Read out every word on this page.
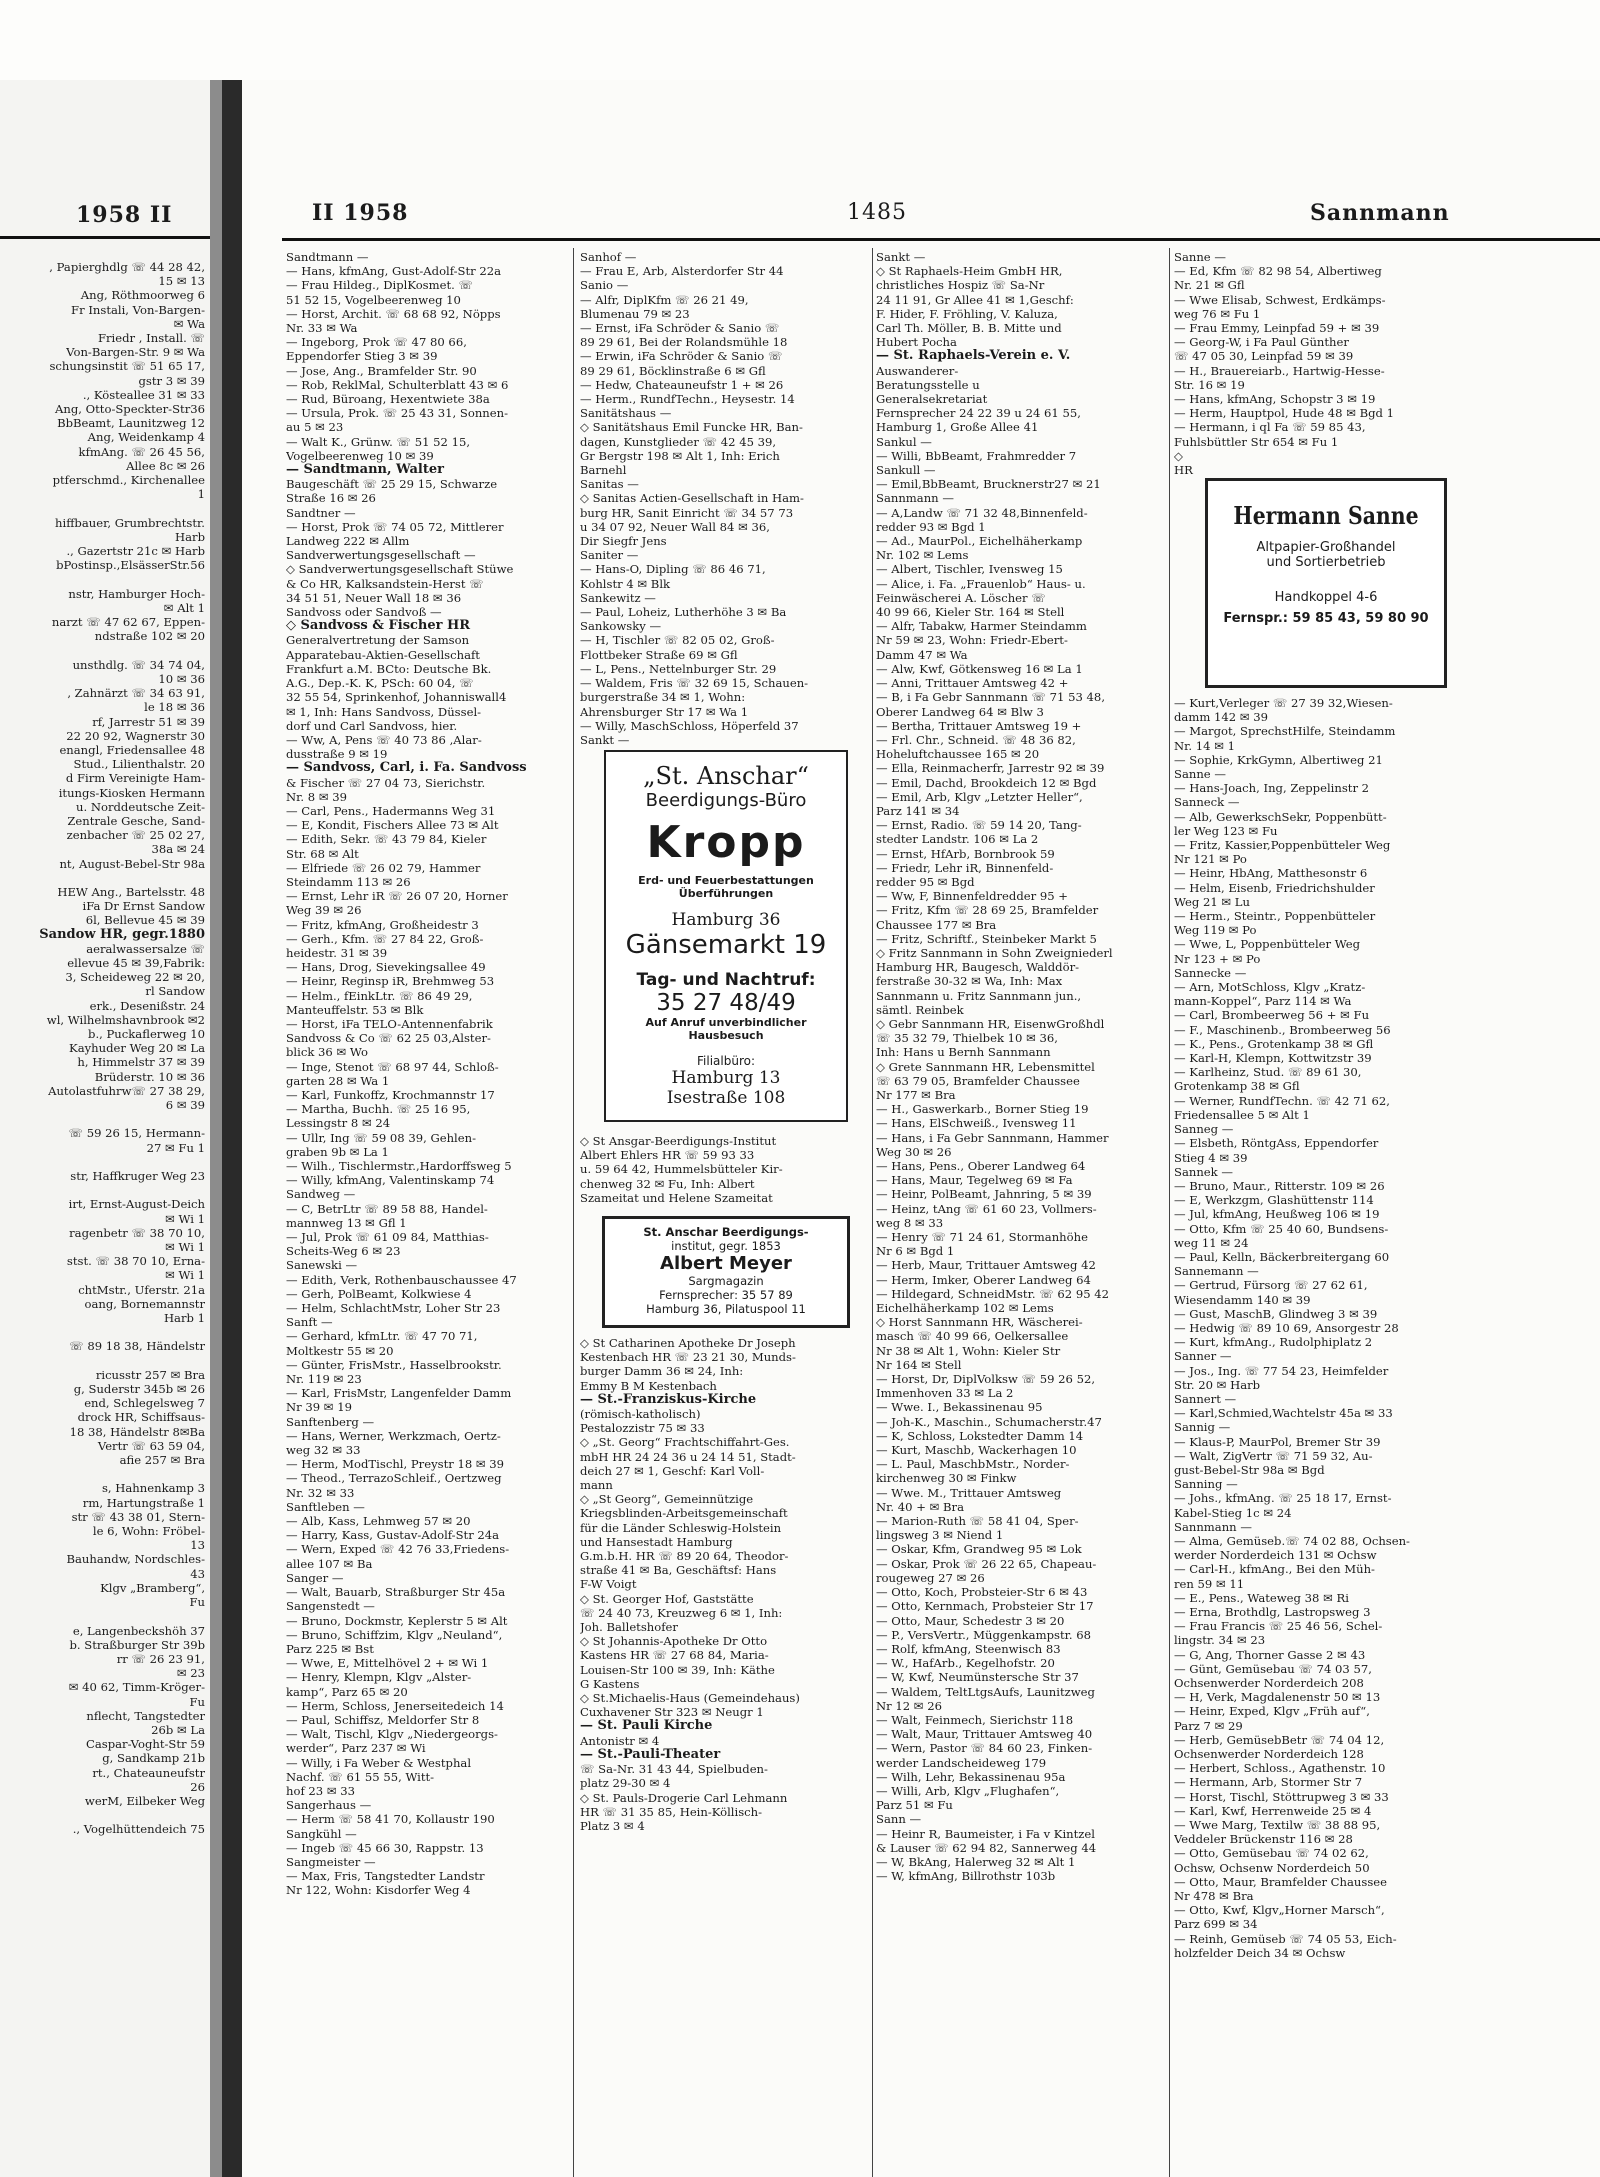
1958 II
, Papierghdlg ☏ 44 28 42,
15 ✉ 13
Ang, Röthmoorweg 6
Fr Instali, Von-Bargen-
✉ Wa
Friedr , Install. ☏
Von-Bargen-Str. 9 ✉ Wa
schungsinstit ☏ 51 65 17,
gstr 3 ✉ 39
., Kösteallee 31 ✉ 33
Ang, Otto-Speckter-Str36
BbBeamt, Launitzweg 12
Ang, Weidenkamp 4
kfmAng. ☏ 26 45 56,
Allee 8c ✉ 26
ptferschmd., Kirchenallee
1

hiffbauer, Grumbrechtstr.
Harb
., Gazertstr 21c ✉ Harb
bPostinsp.,ElsässerStr.56

nstr, Hamburger Hoch-
✉ Alt 1
narzt ☏ 47 62 67, Eppen-
ndstraße 102 ✉ 20

unsthdlg. ☏ 34 74 04,
10 ✉ 36
, Zahnärzt ☏ 34 63 91,
le 18 ✉ 36
rf, Jarrestr 51 ✉ 39
22 20 92, Wagnerstr 30
enangl, Friedensallee 48
Stud., Lilienthalstr. 20
d Firm Vereinigte Ham-
itungs-Kiosken Hermann
u. Norddeutsche Zeit-
Zentrale Gesche, Sand-
zenbacher ☏ 25 02 27,
38a ✉ 24
nt, August-Bebel-Str 98a

HEW Ang., Bartelsstr. 48
iFa Dr Ernst Sandow
6l, Bellevue 45 ✉ 39
Sandow HR, gegr.1880
aeralwassersalze ☏
ellevue 45 ✉ 39,Fabrik:
3, Scheideweg 22 ✉ 20,
rl Sandow
erk., Desenißstr. 24
wl, Wilhelmshavnbrook ✉2
b., Puckaflerweg 10
Kayhuder Weg 20 ✉ La
h, Himmelstr 37 ✉ 39
Brüderstr. 10 ✉ 36
Autolastfuhrw☏ 27 38 29,
6 ✉ 39

☏ 59 26 15, Hermann-
27 ✉ Fu 1

str, Haffkruger Weg 23

irt, Ernst-August-Deich
✉ Wi 1
ragenbetr ☏ 38 70 10,
✉ Wi 1
stst. ☏ 38 70 10, Erna-
✉ Wi 1
chtMstr., Uferstr. 21a
oang, Bornemannstr
Harb 1

☏ 89 18 38, Händelstr

ricusstr 257 ✉ Bra
g, Suderstr 345b ✉ 26
end, Schlegelsweg 7
drock HR, Schiffsaus-
18 38, Händelstr 8✉Ba
Vertr ☏ 63 59 04,
afie 257 ✉ Bra

s, Hahnenkamp 3
rm, Hartungstraße 1
str ☏ 43 38 01, Stern-
le 6, Wohn: Fröbel-
13
Bauhandw, Nordschles-
43
Klgv „Bramberg“,
Fu

e, Langenbeckshöh 37
b. Straßburger Str 39b
rr ☏ 26 23 91,
✉ 23
✉ 40 62, Timm-Kröger-
Fu
nflecht, Tangstedter
26b ✉ La
Caspar-Voght-Str 59
g, Sandkamp 21b
rt., Chateauneufstr
26
werM, Eilbeker Weg

., Vogelhüttendeich 75
II 1958	1485	Sannmann
Sandtmann —
— Hans, kfmAng, Gust-Adolf-Str 22a
— Frau Hildeg., DiplKosmet. ☏
51 52 15, Vogelbeerenweg 10
— Horst, Archit. ☏ 68 68 92, Nöpps
Nr. 33 ✉ Wa
— Ingeborg, Prok ☏ 47 80 66,
Eppendorfer Stieg 3 ✉ 39
— Jose, Ang., Bramfelder Str. 90
— Rob, ReklMal, Schulterblatt 43 ✉ 6
— Rud, Büroang, Hexentwiete 38a
— Ursula, Prok. ☏ 25 43 31, Sonnen-
au 5 ✉ 23
— Walt K., Grünw. ☏ 51 52 15,
Vogelbeerenweg 10 ✉ 39
— Sandtmann, Walter
Baugeschäft ☏ 25 29 15, Schwarze
Straße 16 ✉ 26
Sandtner —
— Horst, Prok ☏ 74 05 72, Mittlerer
Landweg 222 ✉ Allm
Sandverwertungsgesellschaft —
◇ Sandverwertungsgesellschaft Stüwe
& Co HR, Kalksandstein-Herst ☏
34 51 51, Neuer Wall 18 ✉ 36
Sandvoss oder Sandvoß —
◇ Sandvoss & Fischer HR
Generalvertretung der Samson
Apparatebau-Aktien-Gesellschaft
Frankfurt a.M. BCto: Deutsche Bk.
A.G., Dep.-K. K, PSch: 60 04, ☏
32 55 54, Sprinkenhof, Johanniswall4
✉ 1, Inh: Hans Sandvoss, Düssel-
dorf und Carl Sandvoss, hier.
— Ww, A, Pens ☏ 40 73 86 ,Alar-
dusstraße 9 ✉ 19
— Sandvoss, Carl, i. Fa. Sandvoss
& Fischer ☏ 27 04 73, Sierichstr.
Nr. 8 ✉ 39
— Carl, Pens., Hadermanns Weg 31
— E, Kondit, Fischers Allee 73 ✉ Alt
— Edith, Sekr. ☏ 43 79 84, Kieler
Str. 68 ✉ Alt
— Elfriede ☏ 26 02 79, Hammer
Steindamm 113 ✉ 26
— Ernst, Lehr iR ☏ 26 07 20, Horner
Weg 39 ✉ 26
— Fritz, kfmAng, Großheidestr 3
— Gerh., Kfm. ☏ 27 84 22, Groß-
heidestr. 31 ✉ 39
— Hans, Drog, Sievekingsallee 49
— Heinr, Reginsp iR, Brehmweg 53
— Helm., fEinkLtr. ☏ 86 49 29,
Manteuffelstr. 53 ✉ Blk
— Horst, iFa TELO-Antennenfabrik
Sandvoss & Co ☏ 62 25 03,Alster-
blick 36 ✉ Wo
— Inge, Stenot ☏ 68 97 44, Schloß-
garten 28 ✉ Wa 1
— Karl, Funkoffz, Krochmannstr 17
— Martha, Buchh. ☏ 25 16 95,
Lessingstr 8 ✉ 24
— Ullr, Ing ☏ 59 08 39, Gehlen-
graben 9b ✉ La 1
— Wilh., Tischlermstr.,Hardorffsweg 5
— Willy, kfmAng, Valentinskamp 74
Sandweg —
— C, BetrLtr ☏ 89 58 88, Handel-
mannweg 13 ✉ Gfl 1
— Jul, Prok ☏ 61 09 84, Matthias-
Scheits-Weg 6 ✉ 23
Sanewski —
— Edith, Verk, Rothenbauschaussee 47
— Gerh, PolBeamt, Kolkwiese 4
— Helm, SchlachtMstr, Loher Str 23
Sanft —
— Gerhard, kfmLtr. ☏ 47 70 71,
Moltkestr 55 ✉ 20
— Günter, FrisMstr., Hasselbrookstr.
Nr. 119 ✉ 23
— Karl, FrisMstr, Langenfelder Damm
Nr 39 ✉ 19
Sanftenberg —
— Hans, Werner, Werkzmach, Oertz-
weg 32 ✉ 33
— Herm, ModTischl, Preystr 18 ✉ 39
— Theod., TerrazoSchleif., Oertzweg
Nr. 32 ✉ 33
Sanftleben —
— Alb, Kass, Lehmweg 57 ✉ 20
— Harry, Kass, Gustav-Adolf-Str 24a
— Wern, Exped ☏ 42 76 33,Friedens-
allee 107 ✉ Ba
Sanger —
— Walt, Bauarb, Straßburger Str 45a
Sangenstedt —
— Bruno, Dockmstr, Keplerstr 5 ✉ Alt
— Bruno, Schiffzim, Klgv „Neuland“,
Parz 225 ✉ Bst
— Wwe, E, Mittelhövel 2 + ✉ Wi 1
— Henry, Klempn, Klgv „Alster-
kamp“, Parz 65 ✉ 20
— Herm, Schloss, Jenerseitedeich 14
— Paul, Schiffsz, Meldorfer Str 8
— Walt, Tischl, Klgv „Niedergeorgs-
werder“, Parz 237 ✉ Wi
— Willy, i Fa Weber & Westphal
Nachf. ☏ 61 55 55, Witt-
hof 23 ✉ 33
Sangerhaus —
— Herm ☏ 58 41 70, Kollaustr 190
Sangkühl —
— Ingeb ☏ 45 66 30, Rappstr. 13
Sangmeister —
— Max, Fris, Tangstedter Landstr
Nr 122, Wohn: Kisdorfer Weg 4
Sanhof —
— Frau E, Arb, Alsterdorfer Str 44
Sanio —
— Alfr, DiplKfm ☏ 26 21 49,
Blumenau 79 ✉ 23
— Ernst, iFa Schröder & Sanio ☏
89 29 61, Bei der Rolandsmühle 18
— Erwin, iFa Schröder & Sanio ☏
89 29 61, Böcklinstraße 6 ✉ Gfl
— Hedw, Chateauneufstr 1 + ✉ 26
— Herm., RundfTechn., Heysestr. 14
Sanitätshaus —
◇ Sanitätshaus Emil Funcke HR, Ban-
dagen, Kunstglieder ☏ 42 45 39,
Gr Bergstr 198 ✉ Alt 1, Inh: Erich
Barnehl
Sanitas —
◇ Sanitas Actien-Gesellschaft in Ham-
burg HR, Sanit Einricht ☏ 34 57 73
u 34 07 92, Neuer Wall 84 ✉ 36,
Dir Siegfr Jens
Saniter —
— Hans-O, Dipling ☏ 86 46 71,
Kohlstr 4 ✉ Blk
Sankewitz —
— Paul, Loheiz, Lutherhöhe 3 ✉ Ba
Sankowsky —
— H, Tischler ☏ 82 05 02, Groß-
Flottbeker Straße 69 ✉ Gfl
— L, Pens., Nettelnburger Str. 29
— Waldem, Fris ☏ 32 69 15, Schauen-
burgerstraße 34 ✉ 1, Wohn:
Ahrensburger Str 17 ✉ Wa 1
— Willy, MaschSchloss, Höperfeld 37
Sankt —
„St. Anschar“
Beerdigungs-Büro
Kropp
Erd- und Feuerbestattungen
Überführungen
Hamburg 36
Gänsemarkt 19
Tag- und Nachtruf:
35 27 48/49
Auf Anruf unverbindlicher
Hausbesuch
Filialbüro:
Hamburg 13
Isestraße 108
◇ St Ansgar-Beerdigungs-Institut
Albert Ehlers HR ☏ 59 93 33
u. 59 64 42, Hummelsbütteler Kir-
chenweg 32 ✉ Fu, Inh: Albert
Szameitat und Helene Szameitat
St. Anschar Beerdigungs-
institut, gegr. 1853
Albert Meyer
Sargmagazin
Fernsprecher: 35 57 89
Hamburg 36, Pilatuspool 11
◇ St Catharinen Apotheke Dr Joseph
Kestenbach HR ☏ 23 21 30, Munds-
burger Damm 36 ✉ 24, Inh:
Emmy B M Kestenbach
— St.-Franziskus-Kirche
(römisch-katholisch)
Pestalozzistr 75 ✉ 33
◇ „St. Georg“ Frachtschiffahrt-Ges.
mbH HR 24 24 36 u 24 14 51, Stadt-
deich 27 ✉ 1, Geschf: Karl Voll-
mann
◇ „St Georg“, Gemeinnützige
Kriegsblinden-Arbeitsgemeinschaft
für die Länder Schleswig-Holstein
und Hansestadt Hamburg
G.m.b.H. HR ☏ 89 20 64, Theodor-
straße 41 ✉ Ba, Geschäftsf: Hans
F-W Voigt
◇ St. Georger Hof, Gaststätte
☏ 24 40 73, Kreuzweg 6 ✉ 1, Inh:
Joh. Balletshofer
◇ St Johannis-Apotheke Dr Otto
Kastens HR ☏ 27 68 84, Maria-
Louisen-Str 100 ✉ 39, Inh: Käthe
G Kastens
◇ St.Michaelis-Haus (Gemeindehaus)
Cuxhavener Str 323 ✉ Neugr 1
— St. Pauli Kirche
Antonistr ✉ 4
— St.-Pauli-Theater
☏ Sa-Nr. 31 43 44, Spielbuden-
platz 29-30 ✉ 4
◇ St. Pauls-Drogerie Carl Lehmann
HR ☏ 31 35 85, Hein-Köllisch-
Platz 3 ✉ 4
Sankt —
◇ St Raphaels-Heim GmbH HR,
christliches Hospiz ☏ Sa-Nr
24 11 91, Gr Allee 41 ✉ 1,Geschf:
F. Hider, F. Fröhling, V. Kaluza,
Carl Th. Möller, B. B. Mitte und
Hubert Pocha
— St. Raphaels-Verein e. V.
Auswanderer-
Beratungsstelle u
Generalsekretariat
Fernsprecher 24 22 39 u 24 61 55,
Hamburg 1, Große Allee 41
Sankul —
— Willi, BbBeamt, Frahmredder 7
Sankull —
— Emil,BbBeamt, Brucknerstr27 ✉ 21
Sannmann —
— A,Landw ☏ 71 32 48,Binnenfeld-
redder 93 ✉ Bgd 1
— Ad., MaurPol., Eichelhäherkamp
Nr. 102 ✉ Lems
— Albert, Tischler, Ivensweg 15
— Alice, i. Fa. „Frauenlob“ Haus- u.
Feinwäscherei A. Löscher ☏
40 99 66, Kieler Str. 164 ✉ Stell
— Alfr, Tabakw, Harmer Steindamm
Nr 59 ✉ 23, Wohn: Friedr-Ebert-
Damm 47 ✉ Wa
— Alw, Kwf, Götkensweg 16 ✉ La 1
— Anni, Trittauer Amtsweg 42 +
— B, i Fa Gebr Sannmann ☏ 71 53 48,
Oberer Landweg 64 ✉ Blw 3
— Bertha, Trittauer Amtsweg 19 +
— Frl. Chr., Schneid. ☏ 48 36 82,
Hoheluftchaussee 165 ✉ 20
— Ella, Reinmacherfr, Jarrestr 92 ✉ 39
— Emil, Dachd, Brookdeich 12 ✉ Bgd
— Emil, Arb, Klgv „Letzter Heller“,
Parz 141 ✉ 34
— Ernst, Radio. ☏ 59 14 20, Tang-
stedter Landstr. 106 ✉ La 2
— Ernst, HfArb, Bornbrook 59
— Friedr, Lehr iR, Binnenfeld-
redder 95 ✉ Bgd
— Ww, F, Binnenfeldredder 95 +
— Fritz, Kfm ☏ 28 69 25, Bramfelder
Chaussee 177 ✉ Bra
— Fritz, Schriftf., Steinbeker Markt 5
◇ Fritz Sannmann in Sohn Zweigniederl
Hamburg HR, Baugesch, Walddör-
ferstraße 30-32 ✉ Wa, Inh: Max
Sannmann u. Fritz Sannmann jun.,
sämtl. Reinbek
◇ Gebr Sannmann HR, EisenwGroßhdl
☏ 35 32 79, Thielbek 10 ✉ 36,
Inh: Hans u Bernh Sannmann
◇ Grete Sannmann HR, Lebensmittel
☏ 63 79 05, Bramfelder Chaussee
Nr 177 ✉ Bra
— H., Gaswerkarb., Borner Stieg 19
— Hans, ElSchweiß., Ivensweg 11
— Hans, i Fa Gebr Sannmann, Hammer
Weg 30 ✉ 26
— Hans, Pens., Oberer Landweg 64
— Hans, Maur, Tegelweg 69 ✉ Fa
— Heinr, PolBeamt, Jahnring, 5 ✉ 39
— Heinz, tAng ☏ 61 60 23, Vollmers-
weg 8 ✉ 33
— Henry ☏ 71 24 61, Stormanhöhe
Nr 6 ✉ Bgd 1
— Herb, Maur, Trittauer Amtsweg 42
— Herm, Imker, Oberer Landweg 64
— Hildegard, SchneidMstr. ☏ 62 95 42
Eichelhäherkamp 102 ✉ Lems
◇ Horst Sannmann HR, Wäscherei-
masch ☏ 40 99 66, Oelkersallee
Nr 38 ✉ Alt 1, Wohn: Kieler Str
Nr 164 ✉ Stell
— Horst, Dr, DiplVolksw ☏ 59 26 52,
Immenhoven 33 ✉ La 2
— Wwe. I., Bekassinenau 95
— Joh-K., Maschin., Schumacherstr.47
— K, Schloss, Lokstedter Damm 14
— Kurt, Maschb, Wackerhagen 10
— L. Paul, MaschbMstr., Norder-
kirchenweg 30 ✉ Finkw
— Wwe. M., Trittauer Amtsweg
Nr. 40 + ✉ Bra
— Marion-Ruth ☏ 58 41 04, Sper-
lingsweg 3 ✉ Niend 1
— Oskar, Kfm, Grandweg 95 ✉ Lok
— Oskar, Prok ☏ 26 22 65, Chapeau-
rougeweg 27 ✉ 26
— Otto, Koch, Probsteier-Str 6 ✉ 43
— Otto, Kernmach, Probsteier Str 17
— Otto, Maur, Schedestr 3 ✉ 20
— P., VersVertr., Müggenkampstr. 68
— Rolf, kfmAng, Steenwisch 83
— W., HafArb., Kegelhofstr. 20
— W, Kwf, Neumünstersche Str 37
— Waldem, TeltLtgsAufs, Launitzweg
Nr 12 ✉ 26
— Walt, Feinmech, Sierichstr 118
— Walt, Maur, Trittauer Amtsweg 40
— Wern, Pastor ☏ 84 60 23, Finken-
werder Landscheideweg 179
— Wilh, Lehr, Bekassinenau 95a
— Willi, Arb, Klgv „Flughafen“,
Parz 51 ✉ Fu
Sann —
— Heinr R, Baumeister, i Fa v Kintzel
& Lauser ☏ 62 94 82, Sannerweg 44
— W, BkAng, Halerweg 32 ✉ Alt 1
— W, kfmAng, Billrothstr 103b
Sanne —
— Ed, Kfm ☏ 82 98 54, Albertiweg
Nr. 21 ✉ Gfl
— Wwe Elisab, Schwest, Erdkämps-
weg 76 ✉ Fu 1
— Frau Emmy, Leinpfad 59 + ✉ 39
— Georg-W, i Fa Paul Günther
☏ 47 05 30, Leinpfad 59 ✉ 39
— H., Brauereiarb., Hartwig-Hesse-
Str. 16 ✉ 19
— Hans, kfmAng, Schopstr 3 ✉ 19
— Herm, Hauptpol, Hude 48 ✉ Bgd 1
— Hermann, i ql Fa ☏ 59 85 43,
Fuhlsbüttler Str 654 ✉ Fu 1
◇
HR
Hermann Sanne
Altpapier-Großhandel
und Sortierbetrieb
Handkoppel 4-6
Fernspr.: 59 85 43, 59 80 90
— Kurt,Verleger ☏ 27 39 32,Wiesen-
damm 142 ✉ 39
— Margot, SprechstHilfe, Steindamm
Nr. 14 ✉ 1
— Sophie, KrkGymn, Albertiweg 21
Sanne —
— Hans-Joach, Ing, Zeppelinstr 2
Sanneck —
— Alb, GewerkschSekr, Poppenbütt-
ler Weg 123 ✉ Fu
— Fritz, Kassier,Poppenbütteler Weg
Nr 121 ✉ Po
— Heinr, HbAng, Matthesonstr 6
— Helm, Eisenb, Friedrichshulder
Weg 21 ✉ Lu
— Herm., Steintr., Poppenbütteler
Weg 119 ✉ Po
— Wwe, L, Poppenbütteler Weg
Nr 123 + ✉ Po
Sannecke —
— Arn, MotSchloss, Klgv „Kratz-
mann-Koppel“, Parz 114 ✉ Wa
— Carl, Brombeerweg 56 + ✉ Fu
— F., Maschinenb., Brombeerweg 56
— K., Pens., Grotenkamp 38 ✉ Gfl
— Karl-H, Klempn, Kottwitzstr 39
— Karlheinz, Stud. ☏ 89 61 30,
Grotenkamp 38 ✉ Gfl
— Werner, RundfTechn. ☏ 42 71 62,
Friedensallee 5 ✉ Alt 1
Sanneg —
— Elsbeth, RöntgAss, Eppendorfer
Stieg 4 ✉ 39
Sannek —
— Bruno, Maur., Ritterstr. 109 ✉ 26
— E, Werkzgm, Glashüttenstr 114
— Jul, kfmAng, Heußweg 106 ✉ 19
— Otto, Kfm ☏ 25 40 60, Bundsens-
weg 11 ✉ 24
— Paul, Kelln, Bäckerbreitergang 60
Sannemann —
— Gertrud, Fürsorg ☏ 27 62 61,
Wiesendamm 140 ✉ 39
— Gust, MaschB, Glindweg 3 ✉ 39
— Hedwig ☏ 89 10 69, Ansorgestr 28
— Kurt, kfmAng., Rudolphiplatz 2
Sanner —
— Jos., Ing. ☏ 77 54 23, Heimfelder
Str. 20 ✉ Harb
Sannert —
— Karl,Schmied,Wachtelstr 45a ✉ 33
Sannig —
— Klaus-P, MaurPol, Bremer Str 39
— Walt, ZigVertr ☏ 71 59 32, Au-
gust-Bebel-Str 98a ✉ Bgd
Sanning —
— Johs., kfmAng. ☏ 25 18 17, Ernst-
Kabel-Stieg 1c ✉ 24
Sannmann —
— Alma, Gemüseb.☏ 74 02 88, Ochsen-
werder Norderdeich 131 ✉ Ochsw
— Carl-H., kfmAng., Bei den Müh-
ren 59 ✉ 11
— E., Pens., Wateweg 38 ✉ Ri
— Erna, Brothdlg, Lastropsweg 3
— Frau Francis ☏ 25 46 56, Schel-
lingstr. 34 ✉ 23
— G, Ang, Thorner Gasse 2 ✉ 43
— Günt, Gemüsebau ☏ 74 03 57,
Ochsenwerder Norderdeich 208
— H, Verk, Magdalenenstr 50 ✉ 13
— Heinr, Exped, Klgv „Früh auf“,
Parz 7 ✉ 29
— Herb, GemüsebBetr ☏ 74 04 12,
Ochsenwerder Norderdeich 128
— Herbert, Schloss., Agathenstr. 10
— Hermann, Arb, Stormer Str 7
— Horst, Tischl, Stöttrupweg 3 ✉ 33
— Karl, Kwf, Herrenweide 25 ✉ 4
— Wwe Marg, Textilw ☏ 38 88 95,
Veddeler Brückenstr 116 ✉ 28
— Otto, Gemüsebau ☏ 74 02 62,
Ochsw, Ochsenw Norderdeich 50
— Otto, Maur, Bramfelder Chaussee
Nr 478 ✉ Bra
— Otto, Kwf, Klgv„Horner Marsch“,
Parz 699 ✉ 34
— Reinh, Gemüseb ☏ 74 05 53, Eich-
holzfelder Deich 34 ✉ Ochsw
